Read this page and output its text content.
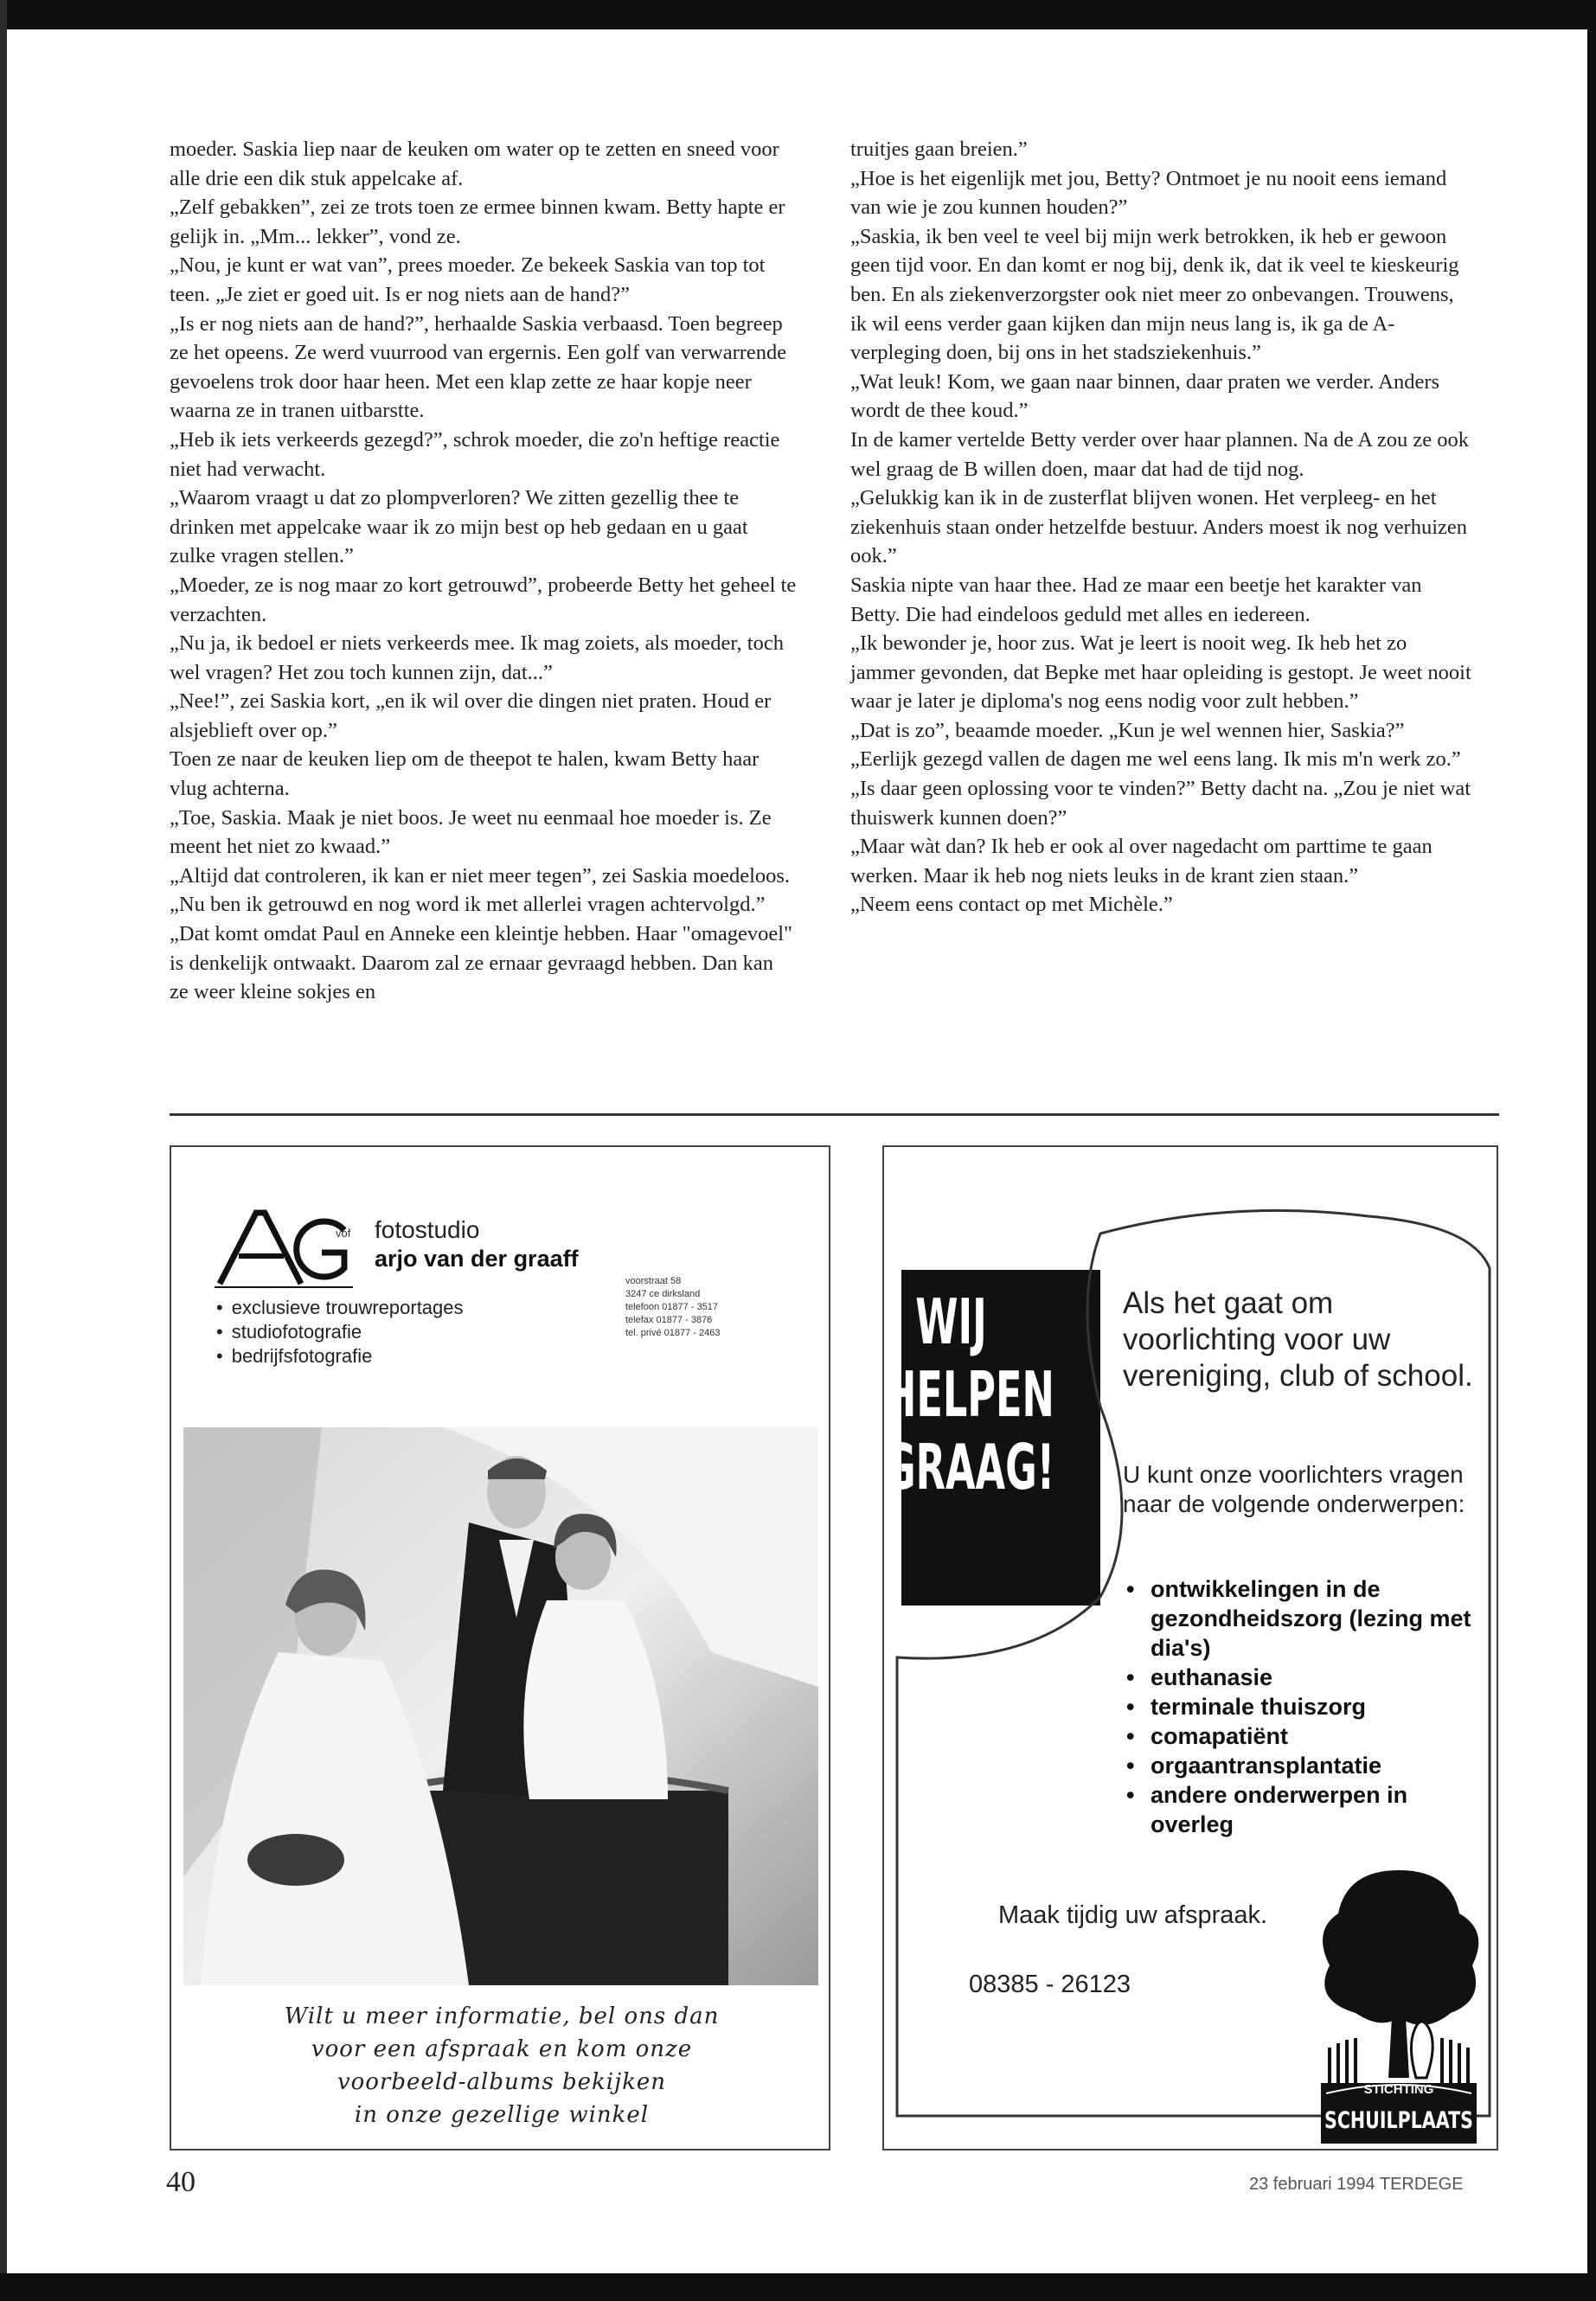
moeder. Saskia liep naar de keuken om water op te zetten en sneed voor alle drie een dik stuk appelcake af.

„Zelf gebakken”, zei ze trots toen ze ermee binnen kwam. Betty hapte er gelijk in. „Mm... lekker”, vond ze.

„Nou, je kunt er wat van”, prees moeder. Ze bekeek Saskia van top tot teen. „Je ziet er goed uit. Is er nog niets aan de hand?”

„Is er nog niets aan de hand?”, herhaalde Saskia verbaasd. Toen begreep ze het opeens. Ze werd vuurrood van ergernis. Een golf van verwarrende gevoelens trok door haar heen. Met een klap zette ze haar kopje neer waarna ze in tranen uitbarstte.

„Heb ik iets verkeerds gezegd?”, schrok moeder, die zo'n heftige reactie niet had verwacht.

„Waarom vraagt u dat zo plompverloren? We zitten gezellig thee te drinken met appelcake waar ik zo mijn best op heb gedaan en u gaat zulke vragen stellen.”

„Moeder, ze is nog maar zo kort getrouwd”, probeerde Betty het geheel te verzachten.

„Nu ja, ik bedoel er niets verkeerds mee. Ik mag zoiets, als moeder, toch wel vragen? Het zou toch kunnen zijn, dat...”

„Nee!”, zei Saskia kort, „en ik wil over die dingen niet praten. Houd er alsjeblieft over op.”

Toen ze naar de keuken liep om de theepot te halen, kwam Betty haar vlug achterna.

„Toe, Saskia. Maak je niet boos. Je weet nu eenmaal hoe moeder is. Ze meent het niet zo kwaad.”

„Altijd dat controleren, ik kan er niet meer tegen”, zei Saskia moedeloos. „Nu ben ik getrouwd en nog word ik met allerlei vragen achtervolgd.”

„Dat komt omdat Paul en Anneke een kleintje hebben. Haar "omagevoel" is denkelijk ontwaakt. Daarom zal ze ernaar gevraagd hebben. Dan kan ze weer kleine sokjes en

truitjes gaan breien.”

„Hoe is het eigenlijk met jou, Betty? Ontmoet je nu nooit eens iemand van wie je zou kunnen houden?”

„Saskia, ik ben veel te veel bij mijn werk betrokken, ik heb er gewoon geen tijd voor. En dan komt er nog bij, denk ik, dat ik veel te kieskeurig ben. En als ziekenverzorgster ook niet meer zo onbevangen. Trouwens, ik wil eens verder gaan kijken dan mijn neus lang is, ik ga de A-verpleging doen, bij ons in het stadsziekenhuis.”

„Wat leuk! Kom, we gaan naar binnen, daar praten we verder. Anders wordt de thee koud.”

In de kamer vertelde Betty verder over haar plannen. Na de A zou ze ook wel graag de B willen doen, maar dat had de tijd nog.

„Gelukkig kan ik in de zusterflat blijven wonen. Het verpleeg- en het ziekenhuis staan onder hetzelfde bestuur. Anders moest ik nog verhuizen ook.”

Saskia nipte van haar thee. Had ze maar een beetje het karakter van Betty. Die had eindeloos geduld met alles en iedereen.

„Ik bewonder je, hoor zus. Wat je leert is nooit weg. Ik heb het zo jammer gevonden, dat Bepke met haar opleiding is gestopt. Je weet nooit waar je later je diploma's nog eens nodig voor zult hebben.”

„Dat is zo”, beaamde moeder. „Kun je wel wennen hier, Saskia?”

„Eerlijk gezegd vallen de dagen me wel eens lang. Ik mis m'n werk zo.”

„Is daar geen oplossing voor te vinden?” Betty dacht na. „Zou je niet wat thuiswerk kunnen doen?”

„Maar wàt dan? Ik heb er ook al over nagedacht om parttime te gaan werken. Maar ik heb nog niets leuks in de krant zien staan.”

„Neem eens contact op met Michèle.”

vof fotostudio
arjo van der graaff
• exclusieve trouwreportages
• studiofotografie
• bedrijfsfotografie
voorstraat 58
3247 ce dirksland
telefoon 01877 - 3517
telefax 01877 - 3876
tel. privé 01877 - 2463
Wilt u meer informatie, bel ons dan
voor een afspraak en kom onze
voorbeeld-albums bekijken
in onze gezellige winkel
WIJ
HELPEN
GRAAG!
Als het gaat om voorlichting voor uw vereniging, club of school.
U kunt onze voorlichters vragen naar de volgende onderwerpen:
• ontwikkelingen in de gezondheidszorg (lezing met dia's)
• euthanasie
• terminale thuiszorg
• comapatiënt
• orgaantransplantatie
• andere onderwerpen in overleg
Maak tijdig uw afspraak.
08385 - 26123
STICHTING
SCHUILPLAATS
40	23 februari 1994 TERDEGE
